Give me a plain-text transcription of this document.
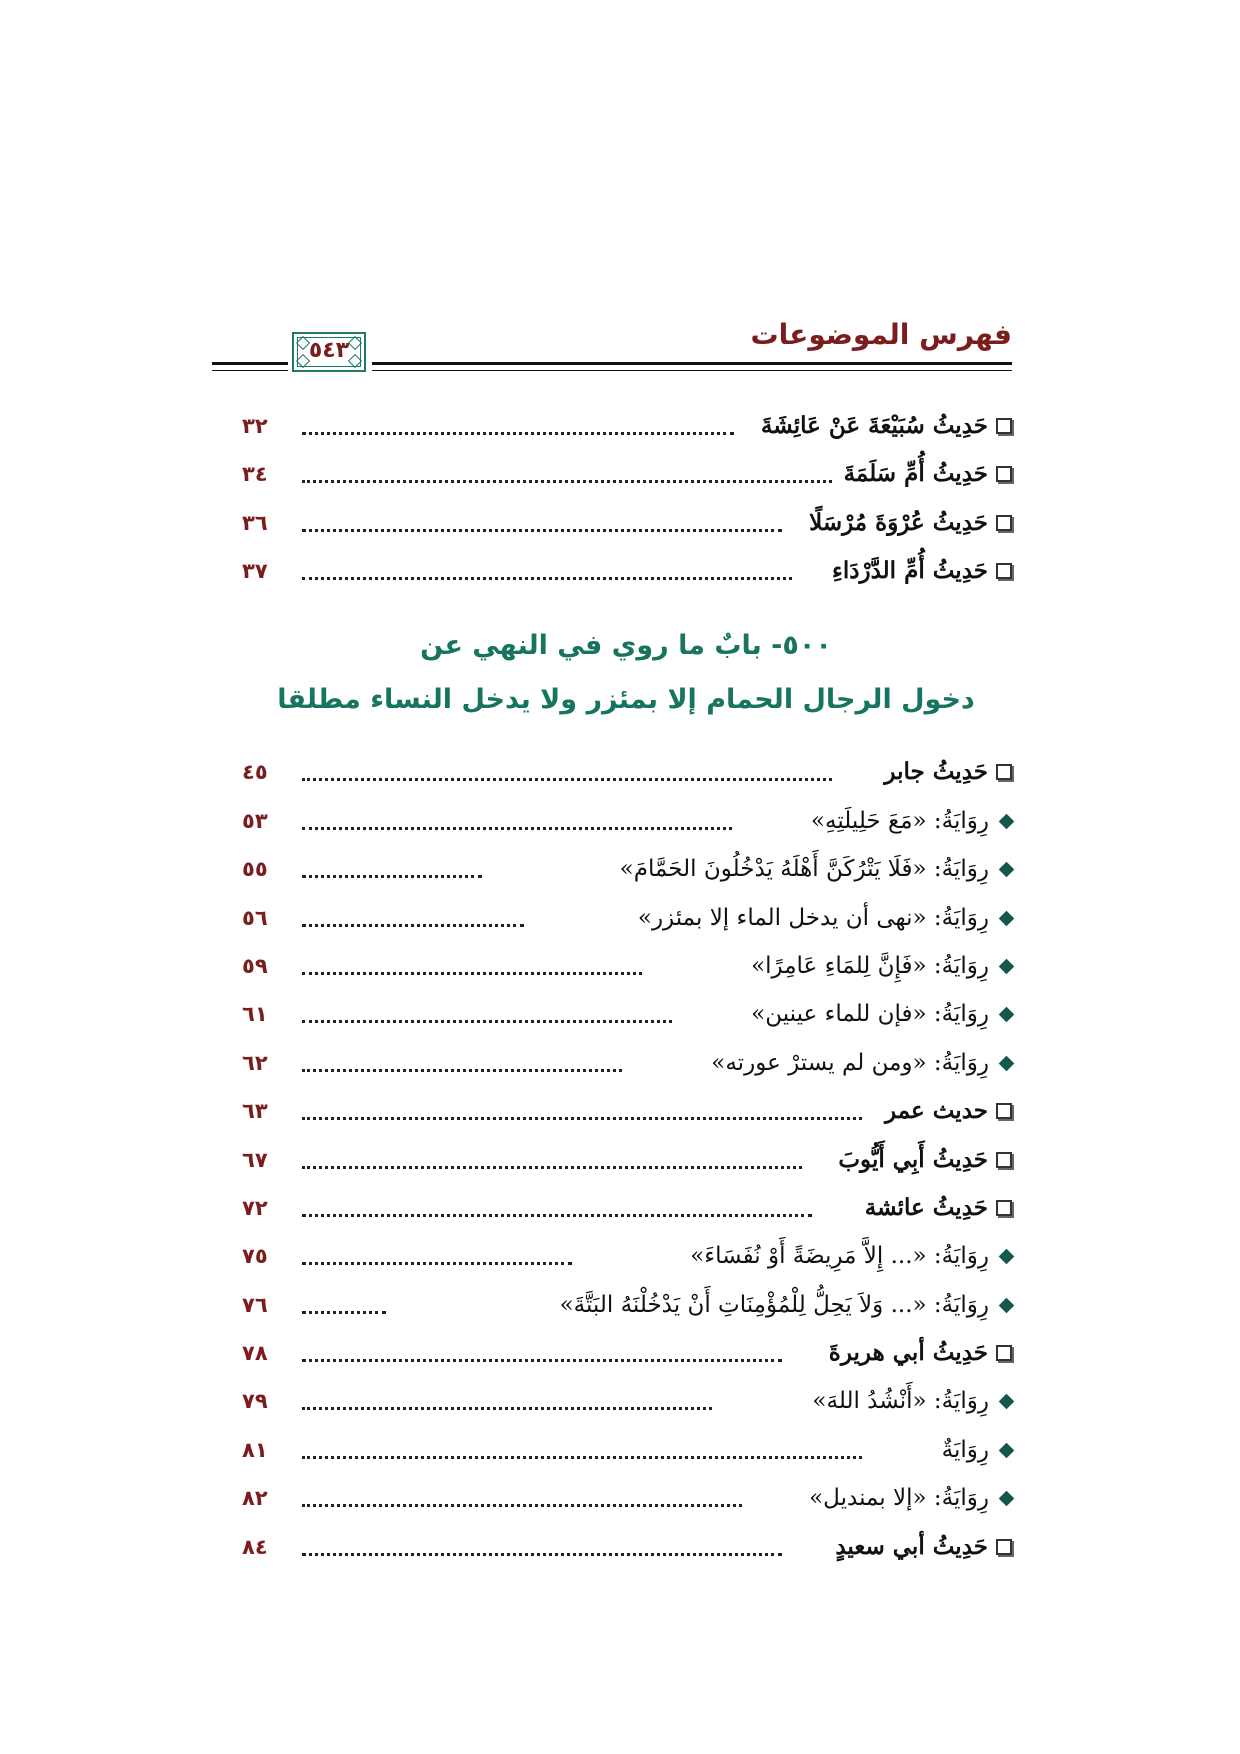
فهرس الموضوعات
٥٤٣
حَدِيثُ سُبَيْعَةَ عَنْ عَائِشَةَ
٣٢
حَدِيثُ أُمِّ سَلَمَةَ
٣٤
حَدِيثُ عُرْوَةَ مُرْسَلًا
٣٦
حَدِيثُ أُمِّ الدَّرْدَاءِ
٣٧
٥٠٠- بابٌ ما روي في النهي عن
دخول الرجال الحمام إلا بمئزر ولا يدخل النساء مطلقا
حَدِيثُ جابر
٤٥
رِوَايَةُ: «مَعَ حَلِيلَتِهِ»
٥٣
رِوَايَةُ: «فَلَا يَتْرُكَنَّ أَهْلَهُ يَدْخُلُونَ الحَمَّامَ»
٥٥
رِوَايَةُ: «نهى أن يدخل الماء إلا بمئزر»
٥٦
رِوَايَةُ: «فَإِنَّ لِلمَاءِ عَامِرًا»
٥٩
رِوَايَةُ: «فإن للماء عينين»
٦١
رِوَايَةُ: «ومن لم يسترْ عورته»
٦٢
حديث عمر
٦٣
حَدِيثُ أَبِي أَيُّوبَ
٦٧
حَدِيثُ عائشة
٧٢
رِوَايَةُ: «... إِلاَّ مَرِيضَةً أَوْ نُفَسَاءَ»
٧٥
رِوَايَةُ: «... وَلاَ يَحِلُّ لِلْمُؤْمِنَاتِ أَنْ يَدْخُلْنَهُ البَتَّةَ»
٧٦
حَدِيثُ أبي هريرةَ
٧٨
رِوَايَةُ: «أَنْشُدُ اللهَ»
٧٩
رِوَايَةٌ
٨١
رِوَايَةُ: «إلا بمنديل»
٨٢
حَدِيثُ أبي سعيدٍ
٨٤
